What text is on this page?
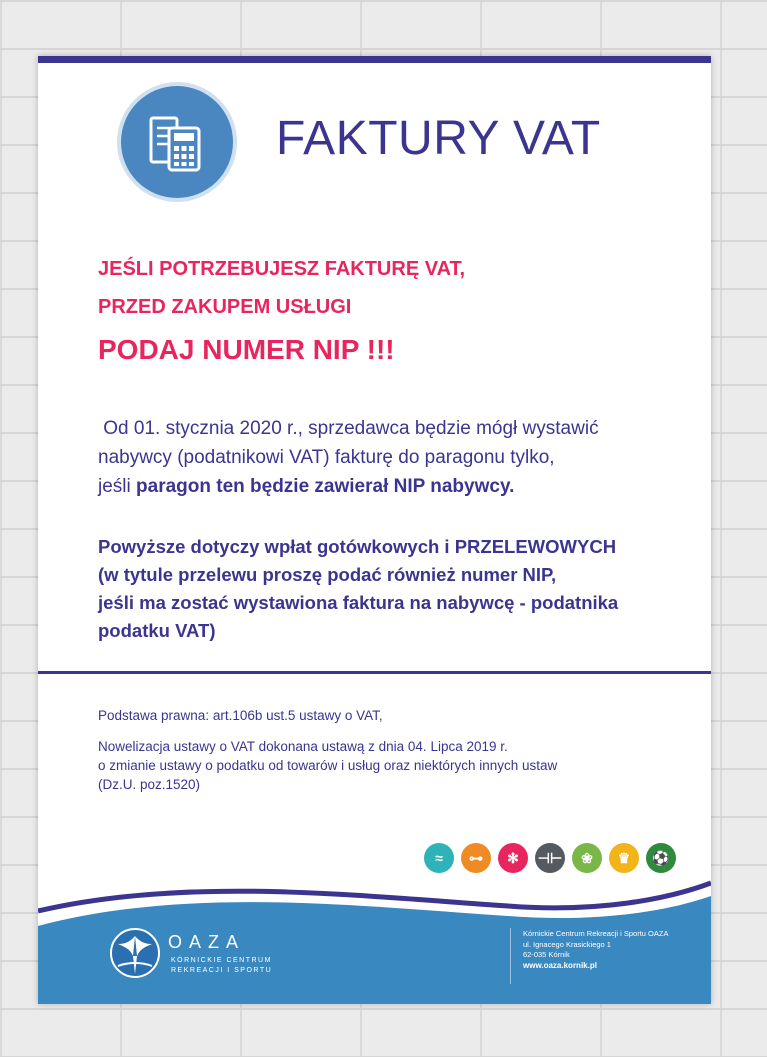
FAKTURY VAT
JEŚLI POTRZEBUJESZ FAKTURĘ VAT,
PRZED ZAKUPEM USŁUGI
PODAJ NUMER NIP !!!
Od 01. stycznia 2020 r., sprzedawca będzie mógł wystawić
nabywcy (podatnikowi VAT) fakturę do paragonu tylko,
jeśli paragon ten będzie zawierał NIP nabywcy.
Powyższe dotyczy wpłat gotówkowych i PRZELEWOWYCH
(w tytule przelewu proszę podać również numer NIP,
jeśli ma zostać wystawiona faktura na nabywcę - podatnika
podatku VAT)

Podstawa prawna: art.106b ust.5 ustawy o VAT,

Nowelizacja ustawy o VAT dokonana ustawą z dnia 04. Lipca 2019 r.

o zmianie ustawy o podatku od towarów i usług oraz niektórych innych ustaw

(Dz.U. poz.1520)

≈	⊶	✻	⊣⊢	❀	♛	⚽
OAZA
KÓRNICKIE CENTRUM
REKREACJI I SPORTU
Kórnickie Centrum Rekreacji i Sportu OAZA
ul. Ignacego Krasickiego 1
62-035 Kórnik
www.oaza.kornik.pl
